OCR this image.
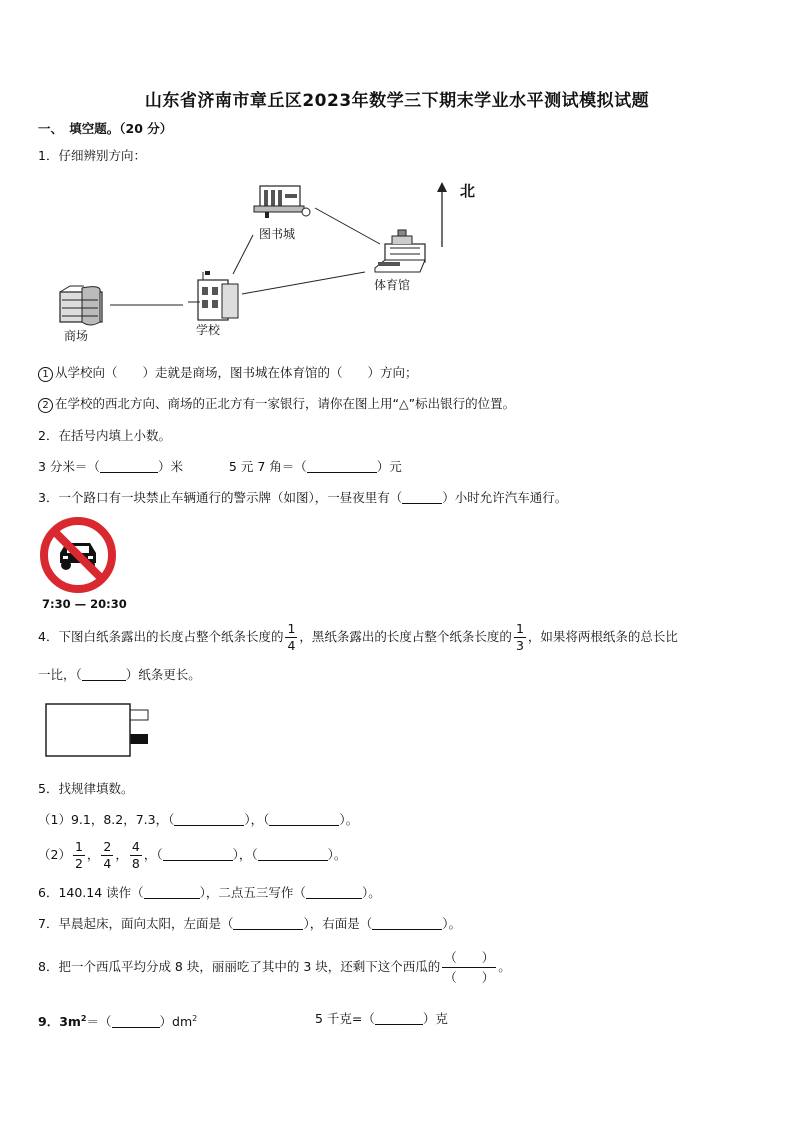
山东省济南市章丘区2023年数学三下期末学业水平测试模拟试题
一、　填空题。（20 分）
1．仔细辨别方向：
图书城
体育馆
商场	学校
北
1 从学校向（　　）走就是商场，图书城在体育馆的（　　）方向；
2 在学校的西北方向、商场的正北方有一家银行，请你在图上用“△”标出银行的位置。
2．在括号内填上小数。
3 分米＝（	）米	5 元 7 角＝（	）元
3．一个路口有一块禁止车辆通行的警示牌（如图），一昼夜里有（	）小时允许汽车通行。
7:30 — 20:30
4．下图白纸条露出的长度占整个纸条长度的 $\frac{1}{4}$ ，黑纸条露出的长度占整个纸条长度的 $\frac{1}{3}$ ，如果将两根纸条的总长比
一比，（	）纸条更长。
5．找规律填数。
（1）9.1，8.2，7.3，（	），（	）。
$(2) \frac{1}{2}$ ， $\frac{2}{4}$ ， $\frac{4}{8}$ ，（	），（	）。
6．140.14 读作（	），二点五三写作（	）。
7．早晨起床，面向太阳，左面是（	），右面是（	）。
8．把一个西瓜平均分成 8 块，丽丽吃了其中的 3 块，还剩下这个西瓜的 $\frac{( )}{( )}$ 。
9．$3m^2=$（	）$dm^2$	5 千克=（	）克
